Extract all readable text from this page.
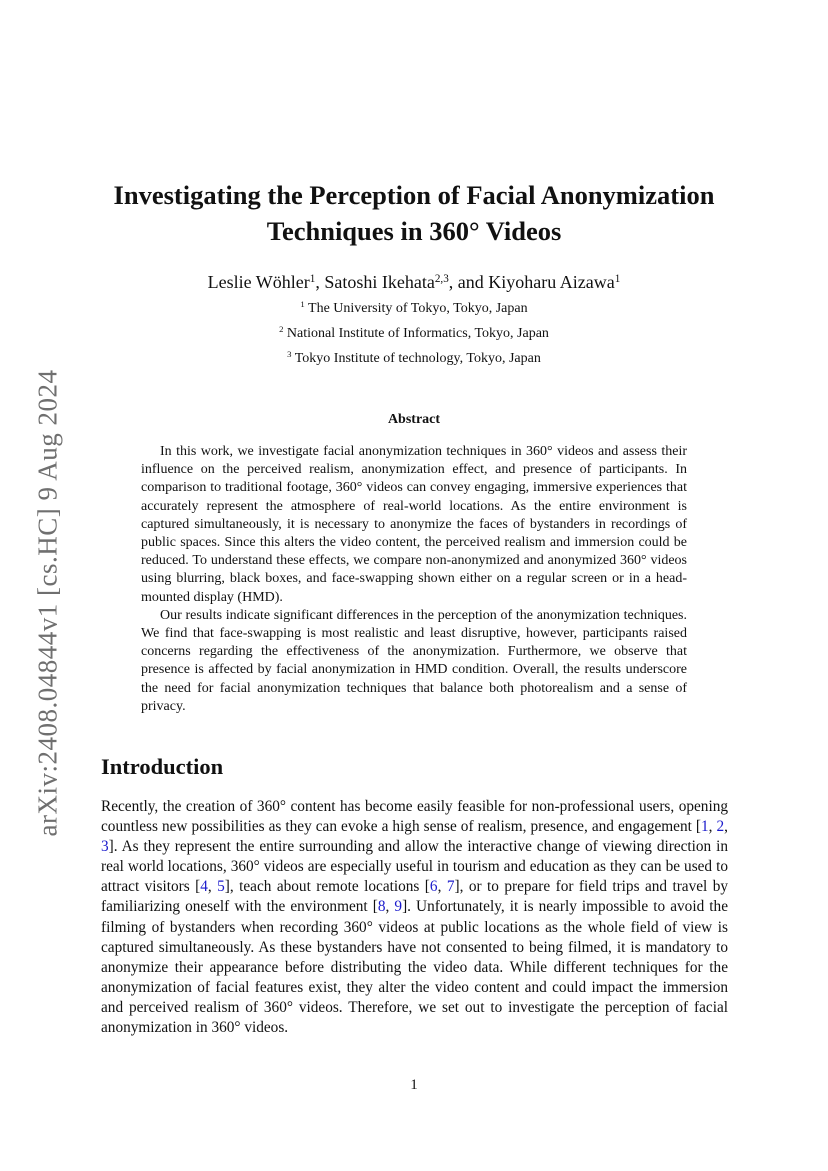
arXiv:2408.04844v1 [cs.HC] 9 Aug 2024
Investigating the Perception of Facial Anonymization
Techniques in 360° Videos
Leslie Wöhler$^1$, Satoshi Ikehata$^{2,3}$, and Kiyoharu Aizawa$^1$
$^1$ The University of Tokyo, Tokyo, Japan
$^2$ National Institute of Informatics, Tokyo, Japan
$^3$ Tokyo Institute of technology, Tokyo, Japan
Abstract

In this work, we investigate facial anonymization techniques in 360° videos and assess their influence on the perceived realism, anonymization effect, and presence of participants. In comparison to traditional footage, 360° videos can convey engaging, immersive experiences that accurately represent the atmosphere of real-world locations. As the entire environment is captured simultaneously, it is necessary to anonymize the faces of bystanders in recordings of public spaces. Since this alters the video content, the perceived realism and immersion could be reduced. To understand these effects, we compare non-anonymized and anonymized 360° videos using blurring, black boxes, and face-swapping shown either on a regular screen or in a head-mounted display (HMD).

Our results indicate significant differences in the perception of the anonymization techniques. We find that face-swapping is most realistic and least disruptive, however, participants raised concerns regarding the effectiveness of the anonymization. Furthermore, we observe that presence is affected by facial anonymization in HMD condition. Overall, the results underscore the need for facial anonymization techniques that balance both photorealism and a sense of privacy.

Introduction

Recently, the creation of 360° content has become easily feasible for non-professional users, opening countless new possibilities as they can evoke a high sense of realism, presence, and engagement [1, 2, 3]. As they represent the entire surrounding and allow the interactive change of viewing direction in real world locations, 360° videos are especially useful in tourism and education as they can be used to attract visitors [4, 5], teach about remote locations [6, 7], or to prepare for field trips and travel by familiarizing oneself with the environment [8, 9]. Unfortunately, it is nearly impossible to avoid the filming of bystanders when recording 360° videos at public locations as the whole field of view is captured simultaneously. As these bystanders have not consented to being filmed, it is mandatory to anonymize their appearance before distributing the video data. While different techniques for the anonymization of facial features exist, they alter the video content and could impact the immersion and perceived realism of 360° videos. Therefore, we set out to investigate the perception of facial anonymization in 360° videos.

1
